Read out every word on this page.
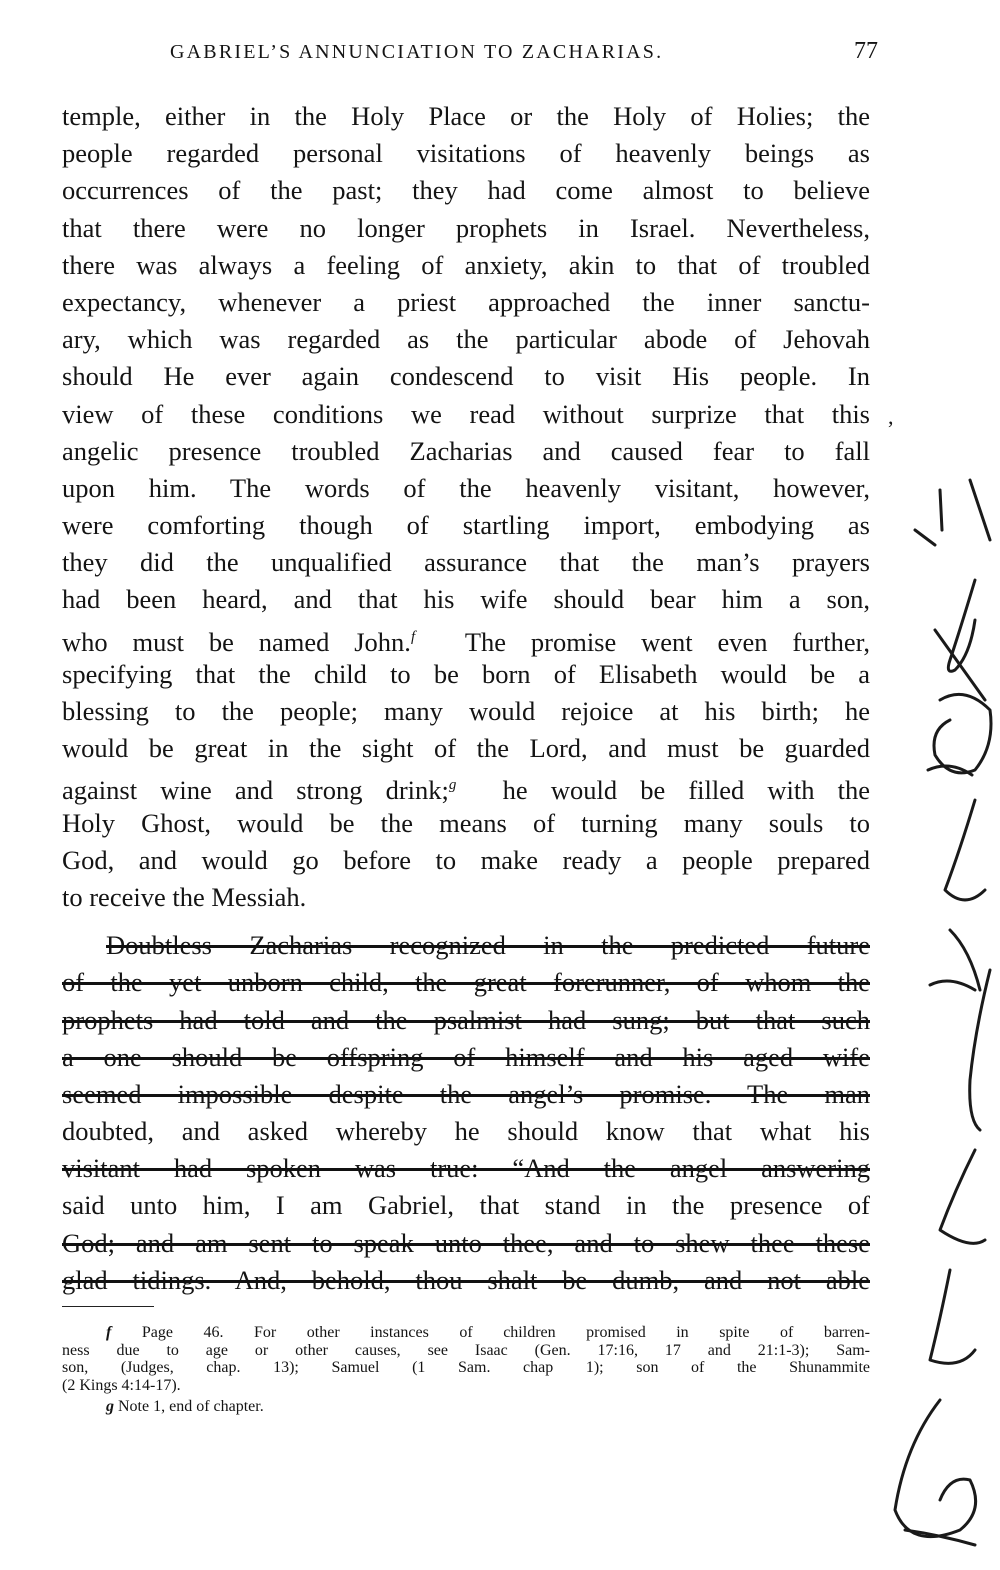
GABRIEL’S ANNUNCIATION TO ZACHARIAS.	77
temple, either in the Holy Place or the Holy of Holies; the
people regarded personal visitations of heavenly beings as
occurrences of the past; they had come almost to believe
that there were no longer prophets in Israel. Nevertheless,
there was always a feeling of anxiety, akin to that of troubled
expectancy, whenever a priest approached the inner sanctu-
ary, which was regarded as the particular abode of Jehovah
should He ever again condescend to visit His people. In
view of these conditions we read without surprize that this
angelic presence troubled Zacharias and caused fear to fall
upon him. The words of the heavenly visitant, however,
were comforting though of startling import, embodying as
they did the unqualified assurance that the man’s prayers
had been heard, and that his wife should bear him a son,
who must be named John.$^f$ The promise went even further,
specifying that the child to be born of Elisabeth would be a
blessing to the people; many would rejoice at his birth; he
would be great in the sight of the Lord, and must be guarded
against wine and strong drink;$^g$ he would be filled with the
Holy Ghost, would be the means of turning many souls to
God, and would go before to make ready a people prepared
to receive the Messiah.
Doubtless Zacharias recognized in the predicted future
of the yet unborn child, the great forerunner, of whom the
prophets had told and the psalmist had sung; but that such
a one should be offspring of himself and his aged wife
seemed impossible despite the angel’s promise. The man
doubted, and asked whereby he should know that what his
visitant had spoken was true: “And the angel answering
said unto him, I am Gabriel, that stand in the presence of
God; and am sent to speak unto thee, and to shew thee these
glad tidings. And, behold, thou shalt be dumb, and not able
f Page 46. For other instances of children promised in spite of barren-
ness due to age or other causes, see Isaac (Gen. 17:16, 17 and 21:1-3); Sam-
son, (Judges, chap. 13); Samuel (1 Sam. chap 1); son of the Shunammite
(2 Kings 4:14-17).
g Note 1, end of chapter.
,
